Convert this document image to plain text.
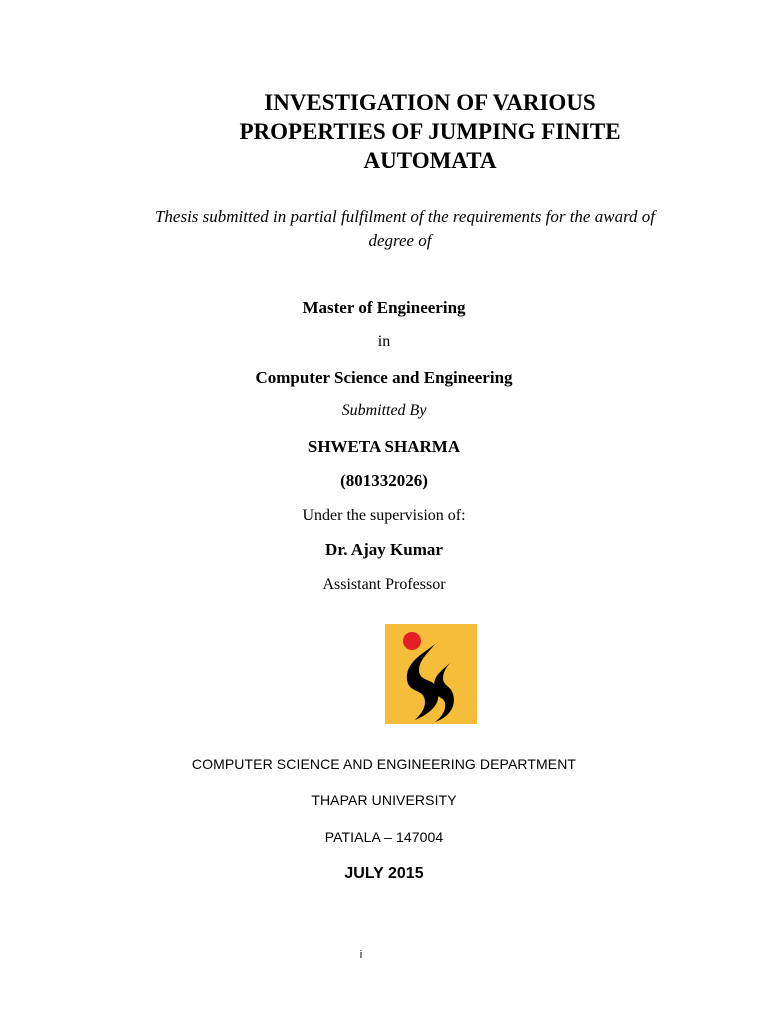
INVESTIGATION OF VARIOUS
PROPERTIES OF JUMPING FINITE
AUTOMATA
Thesis submitted in partial fulfilment of the requirements for the award of
degree of
Master of Engineering
in
Computer Science and Engineering
Submitted By
SHWETA SHARMA
(801332026)
Under the supervision of:
Dr. Ajay Kumar
Assistant Professor
COMPUTER SCIENCE AND ENGINEERING DEPARTMENT
THAPAR UNIVERSITY
PATIALA – 147004
JULY 2015
i
